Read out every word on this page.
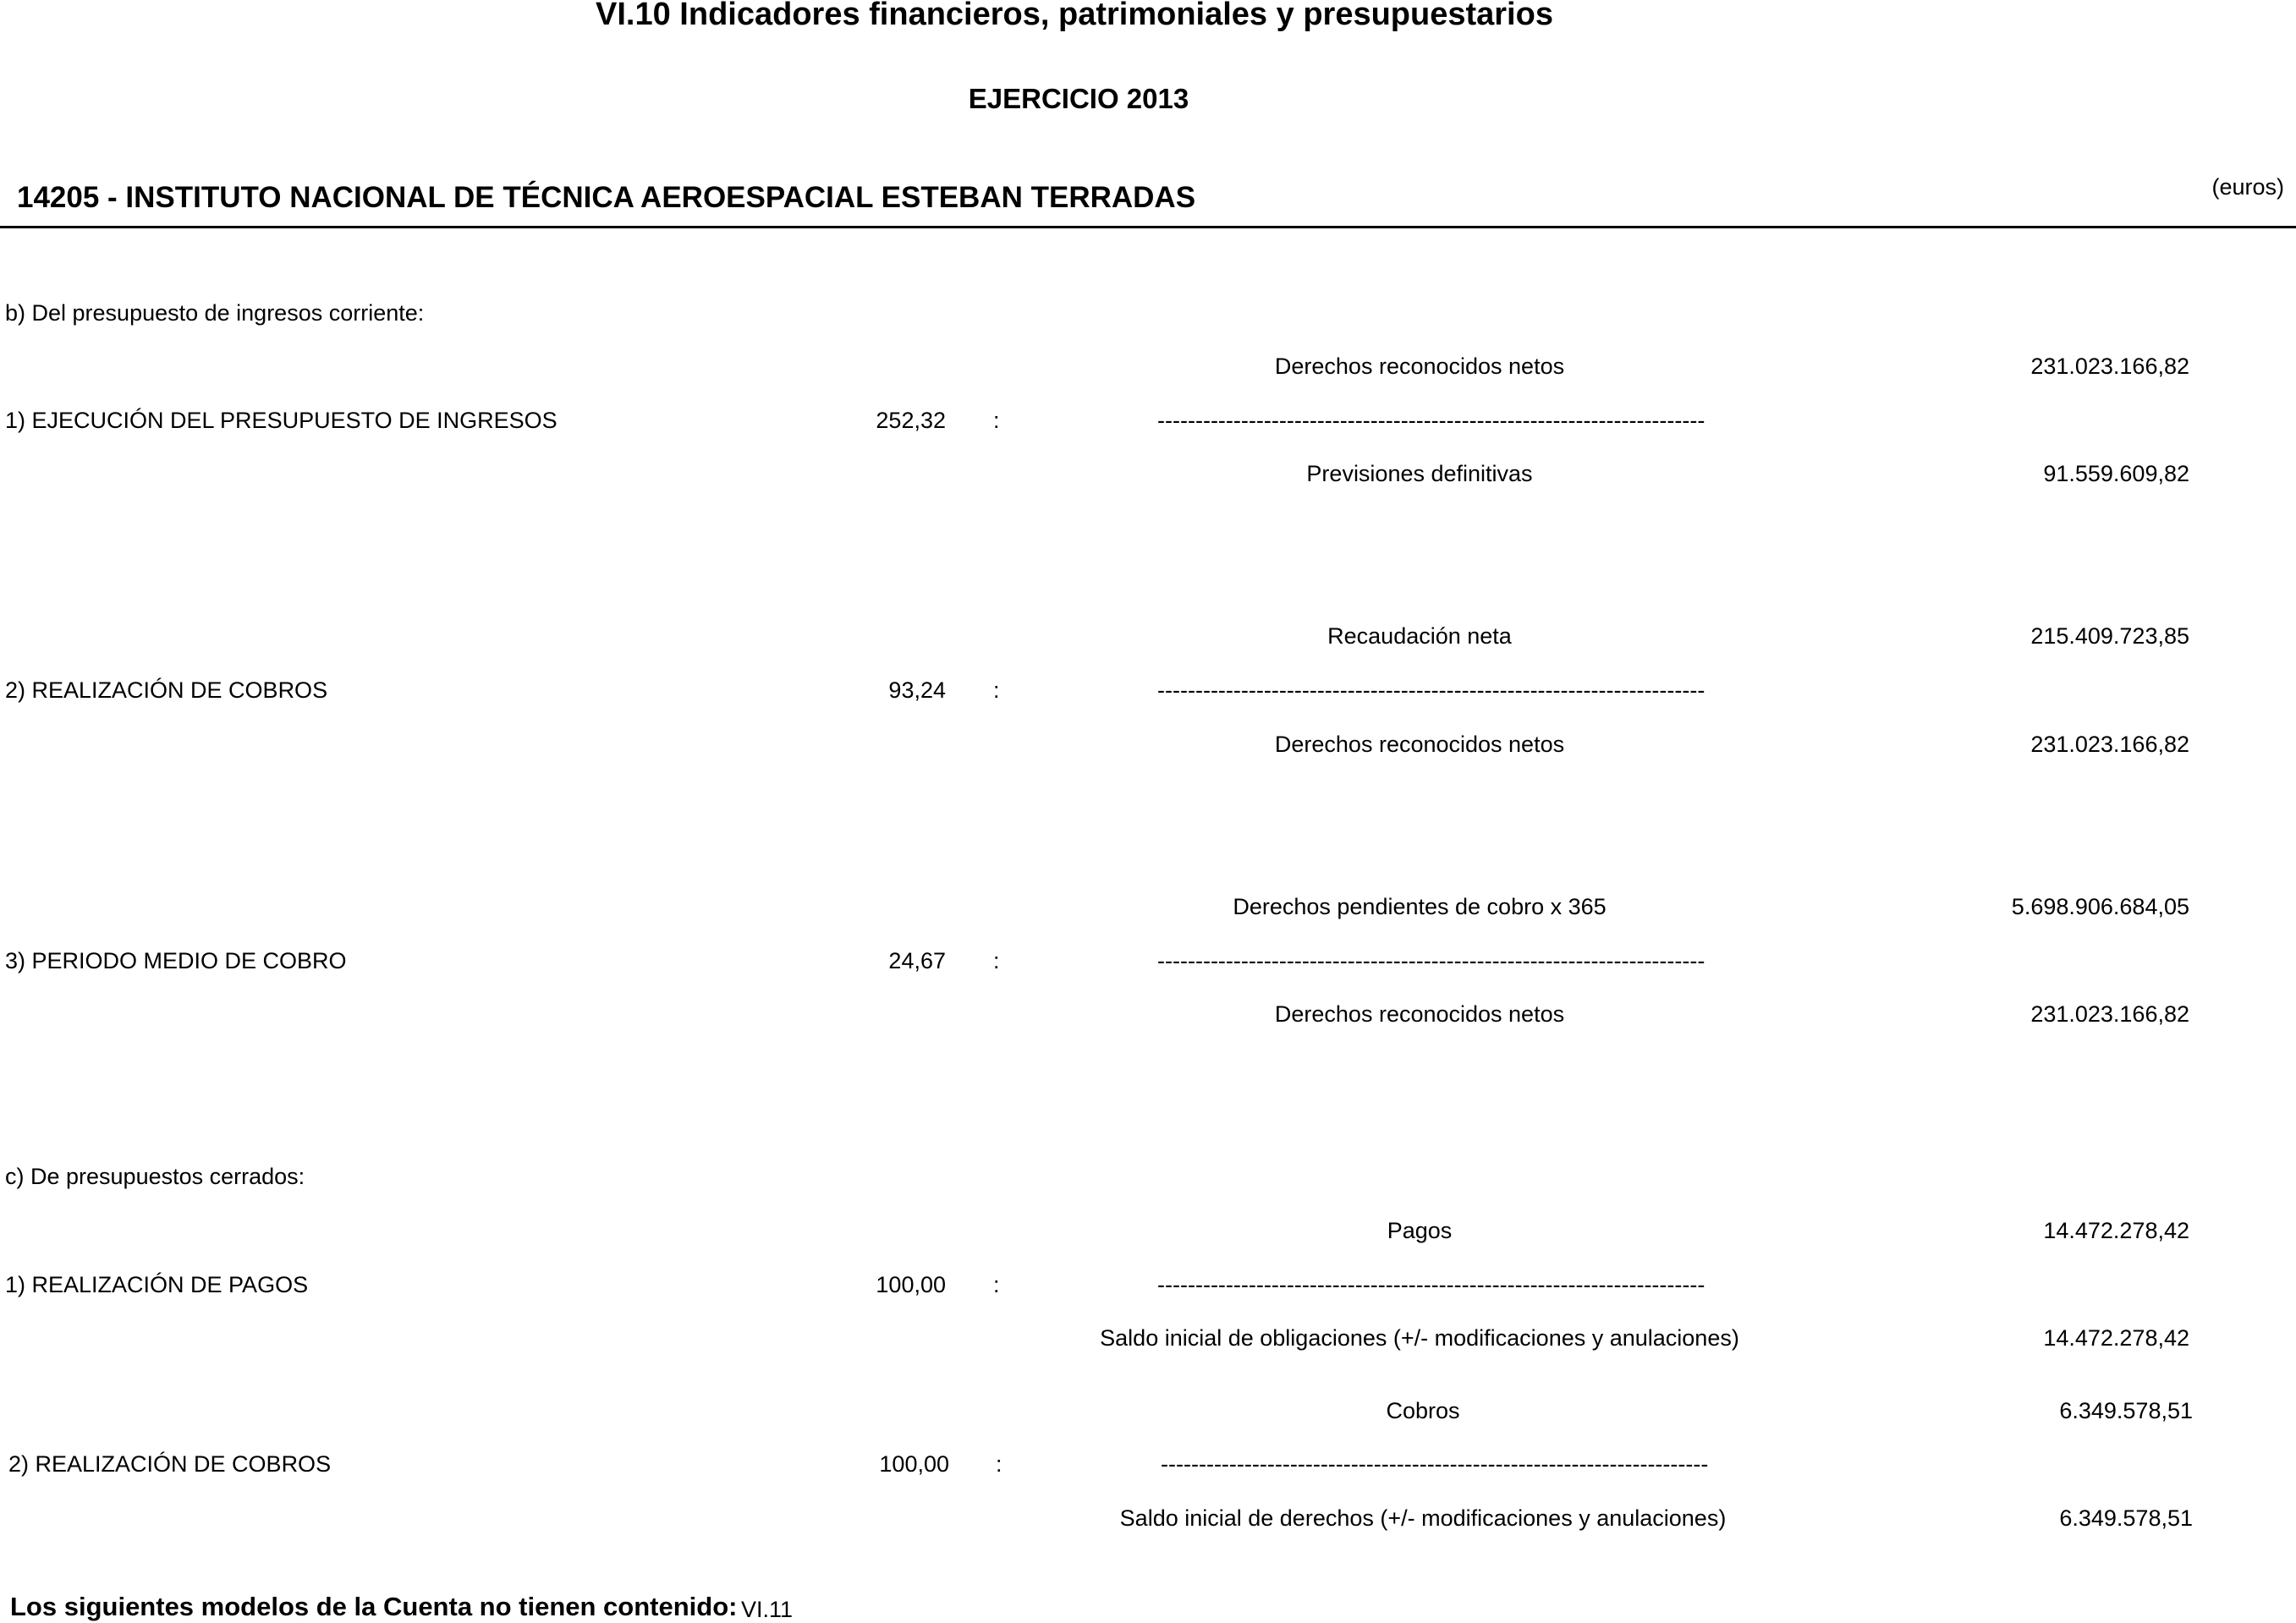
VI.10 Indicadores financieros, patrimoniales y presupuestarios
EJERCICIO 2013
14205 - INSTITUTO NACIONAL DE TÉCNICA AEROESPACIAL ESTEBAN TERRADAS	(euros)
b) Del presupuesto de ingresos corriente:
Derechos reconocidos netos	231.023.166,82
1) EJECUCIÓN DEL PRESUPUESTO DE INGRESOS	252,32 :	------------------------------------------------------------------------
Previsiones definitivas	91.559.609,82
Recaudación neta	215.409.723,85
2) REALIZACIÓN DE COBROS	93,24 :	------------------------------------------------------------------------
Derechos reconocidos netos	231.023.166,82
Derechos pendientes de cobro x 365	5.698.906.684,05
3) PERIODO MEDIO DE COBRO	24,67 :	------------------------------------------------------------------------
Derechos reconocidos netos	231.023.166,82
c) De presupuestos cerrados:
Pagos	14.472.278,42
1) REALIZACIÓN DE PAGOS	100,00 :	------------------------------------------------------------------------
Saldo inicial de obligaciones (+/- modificaciones y anulaciones)	14.472.278,42
Cobros	6.349.578,51
2) REALIZACIÓN DE COBROS	100,00 :	------------------------------------------------------------------------
Saldo inicial de derechos (+/- modificaciones y anulaciones)	6.349.578,51
Los siguientes modelos de la Cuenta no tienen contenido: VI.11
